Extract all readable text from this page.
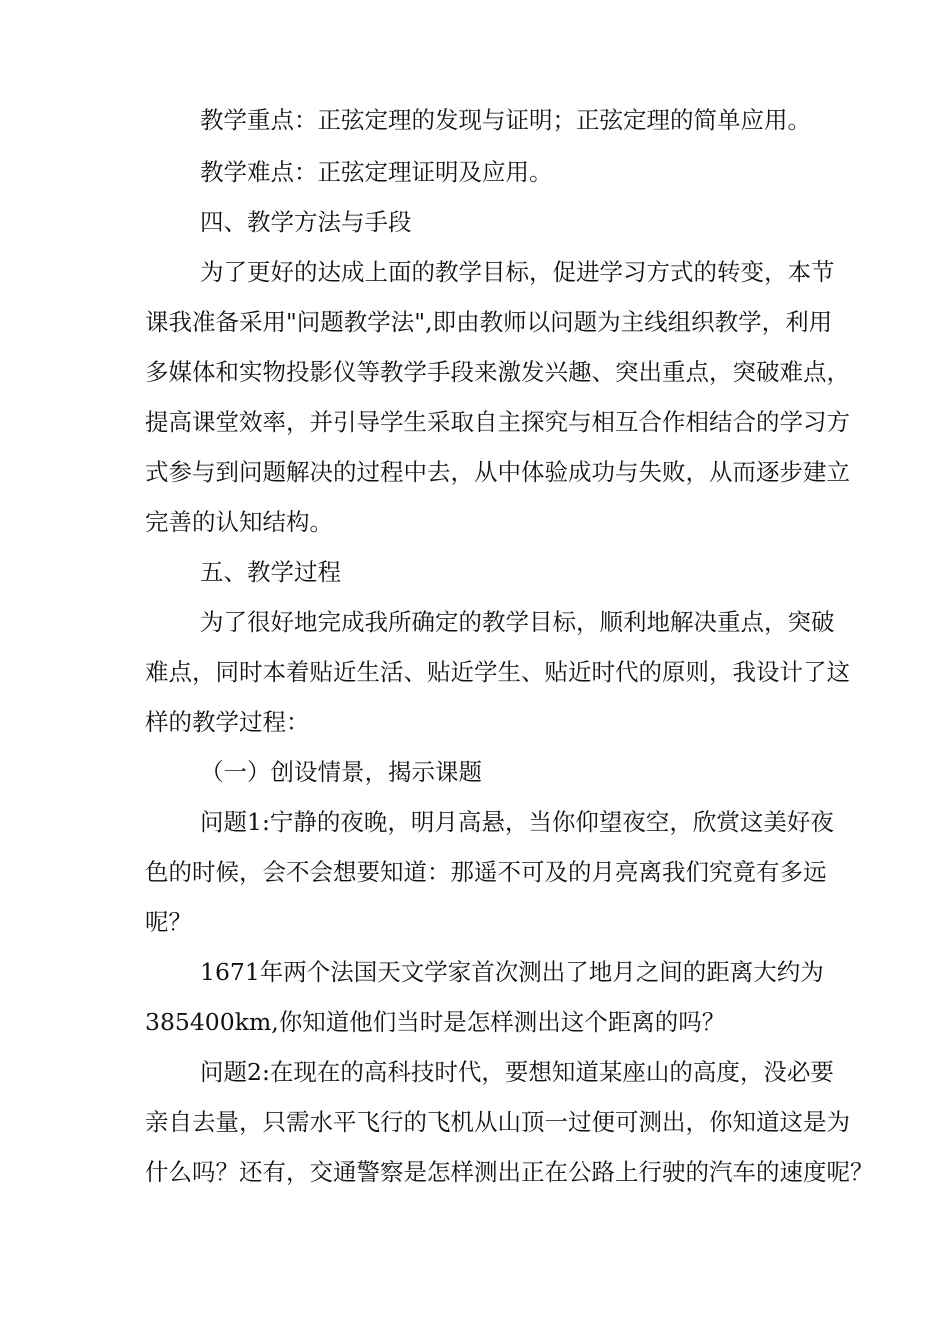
教学重点：正弦定理的发现与证明；正弦定理的简单应用。
教学难点：正弦定理证明及应用。
四、教学方法与手段
为了更好的达成上面的教学目标，促进学习方式的转变，本节
课我准备采用"问题教学法",即由教师以问题为主线组织教学，利用
多媒体和实物投影仪等教学手段来激发兴趣、突出重点，突破难点，
提高课堂效率，并引导学生采取自主探究与相互合作相结合的学习方
式参与到问题解决的过程中去，从中体验成功与失败，从而逐步建立
完善的认知结构。
五、教学过程
为了很好地完成我所确定的教学目标，顺利地解决重点，突破
难点，同时本着贴近生活、贴近学生、贴近时代的原则，我设计了这
样的教学过程：
（一）创设情景，揭示课题
问题1:宁静的夜晚，明月高悬，当你仰望夜空，欣赏这美好夜
色的时候，会不会想要知道：那遥不可及的月亮离我们究竟有多远
呢？
1671年两个法国天文学家首次测出了地月之间的距离大约为
385400km,你知道他们当时是怎样测出这个距离的吗？
问题2:在现在的高科技时代，要想知道某座山的高度，没必要
亲自去量，只需水平飞行的飞机从山顶一过便可测出，你知道这是为
什么吗？还有，交通警察是怎样测出正在公路上行驶的汽车的速度呢？
